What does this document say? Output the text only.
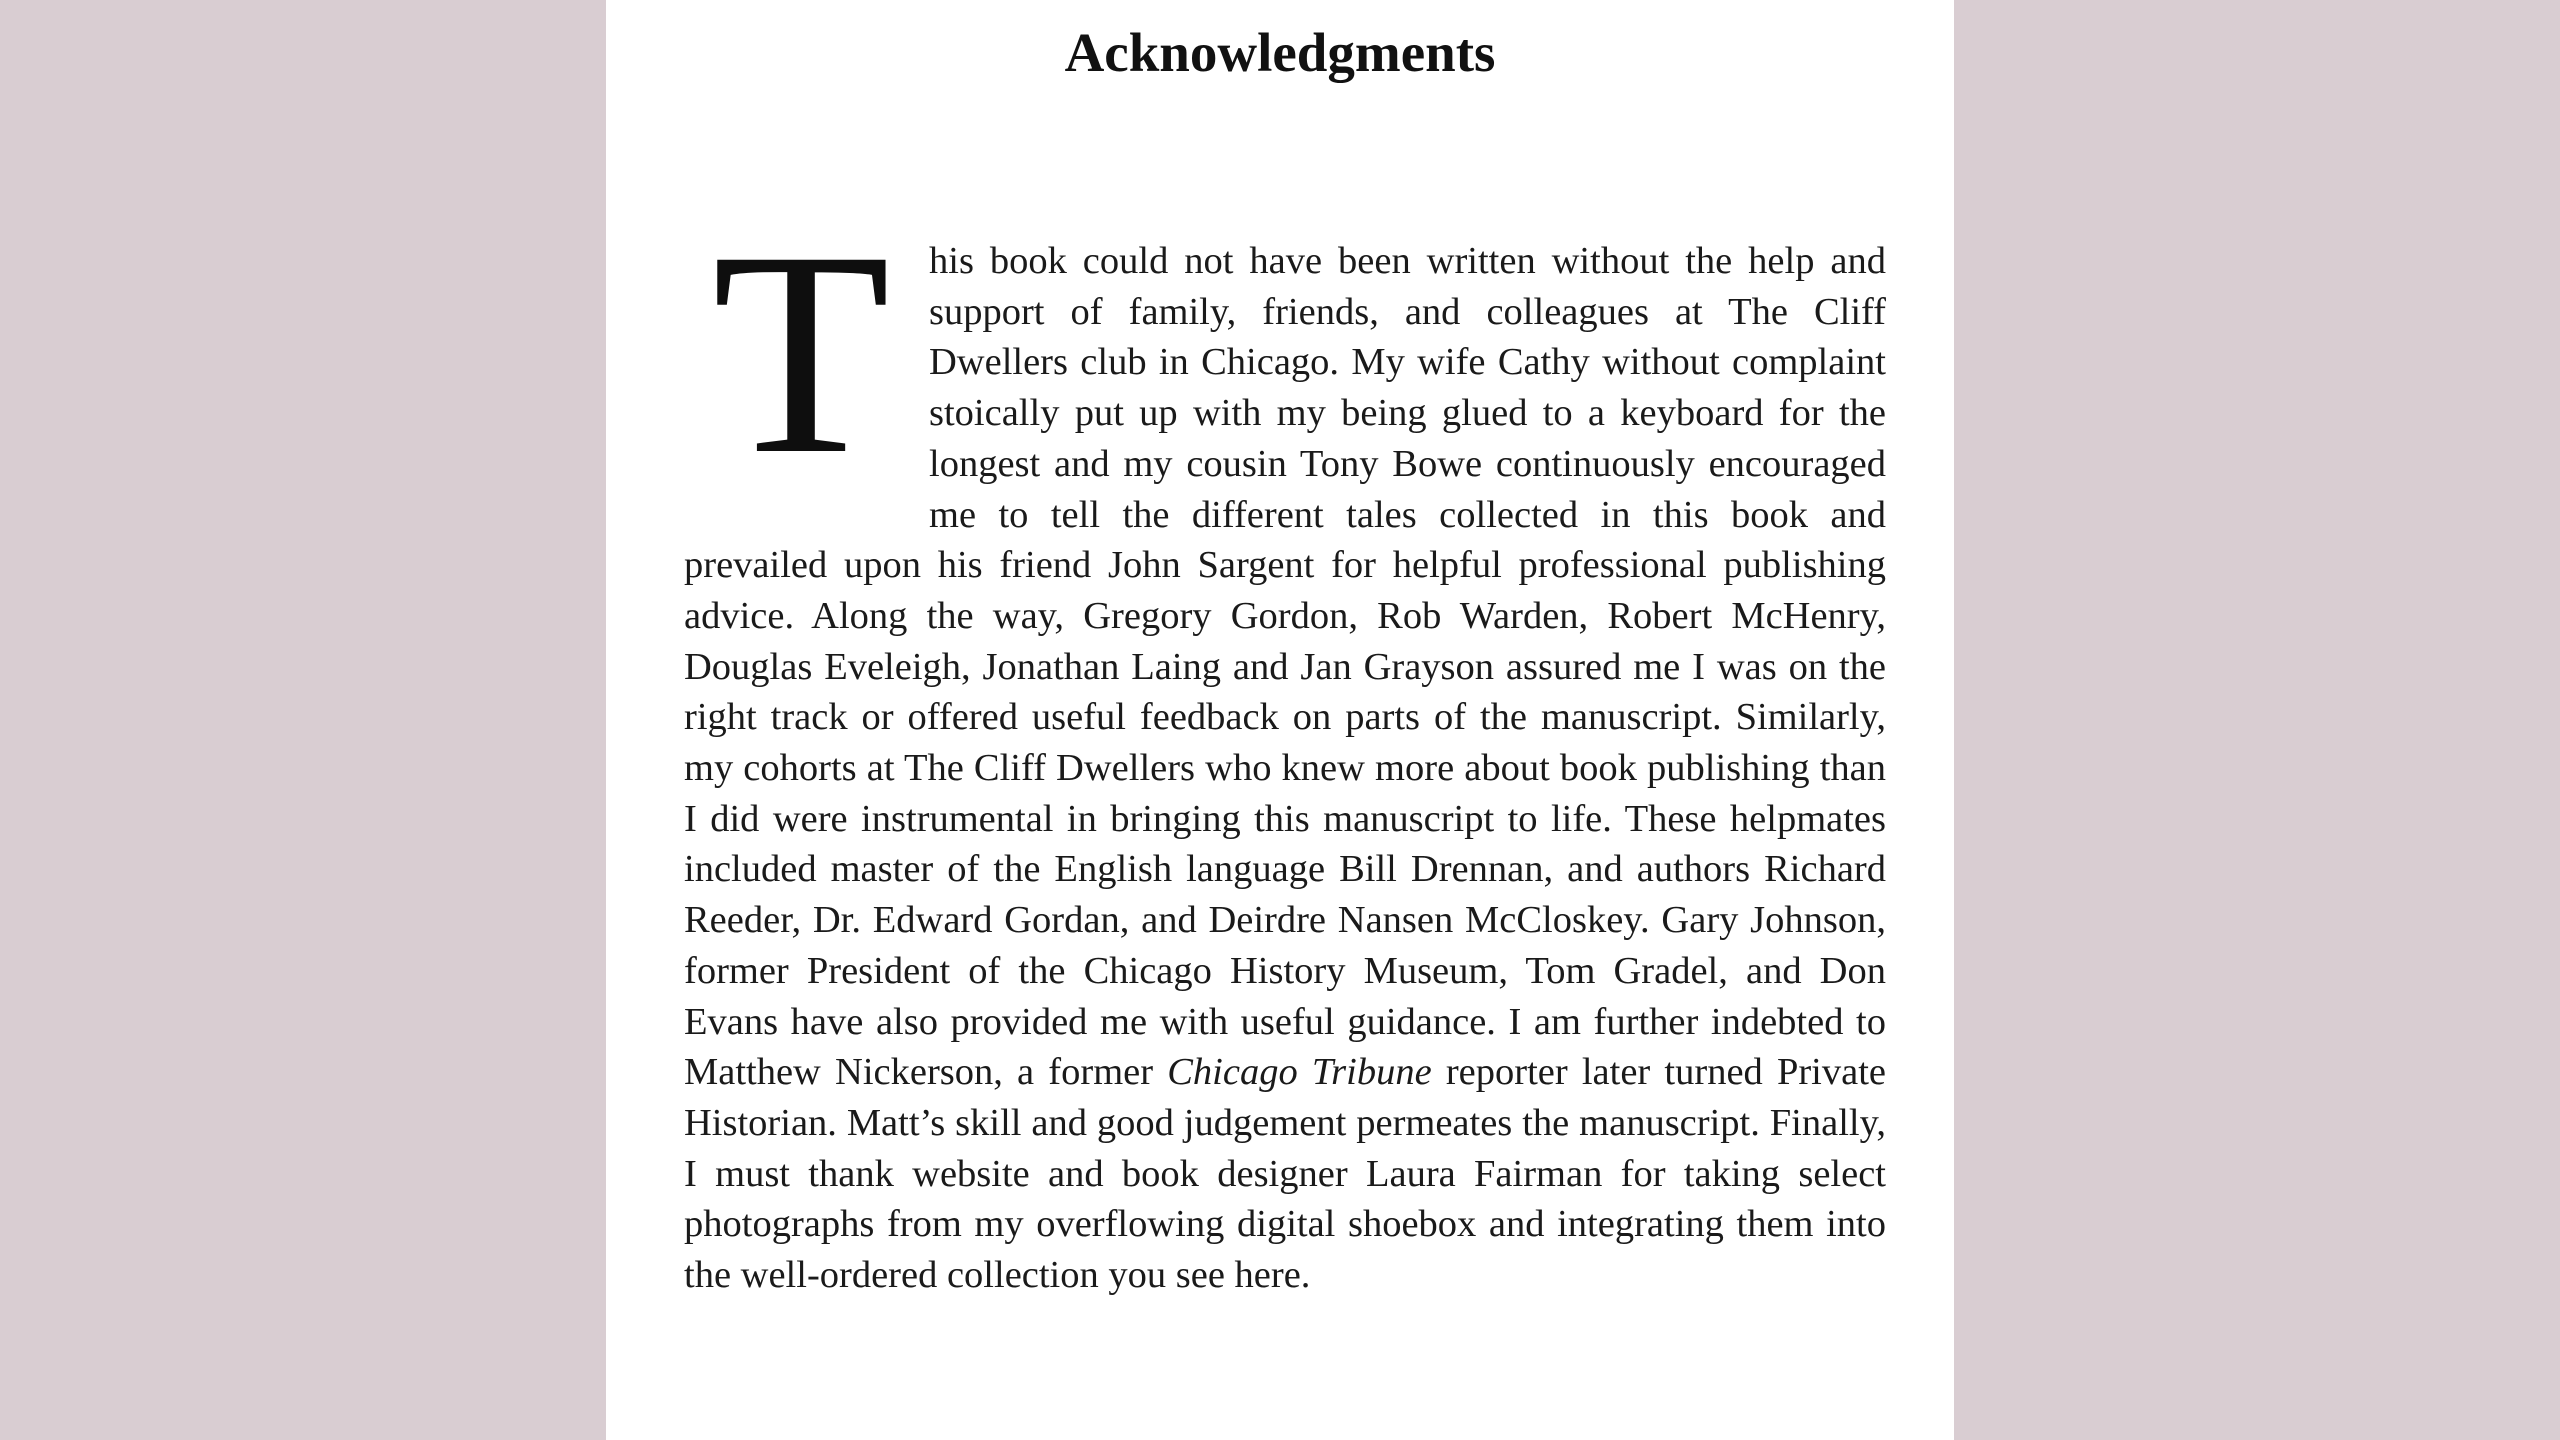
Acknowledgments

T his book could not have been written without the help and support of family, friends, and colleagues at The Cliff Dwellers club in Chicago. My wife Cathy without complaint stoically put up with my being glued to a keyboard for the longest and my cousin Tony Bowe continuously encouraged me to tell the different tales collected in this book and prevailed upon his friend John Sargent for helpful professional publishing advice. Along the way, Gregory Gordon, Rob Warden, Robert McHenry, Douglas Eveleigh, Jonathan Laing and Jan Grayson assured me I was on the right track or offered useful feedback on parts of the manuscript. Similarly, my cohorts at The Cliff Dwellers who knew more about book publishing than I did were instrumental in bringing this manuscript to life. These helpmates included master of the English language Bill Drennan, and authors Richard Reeder, Dr. Edward Gordan, and Deirdre Nansen McCloskey. Gary Johnson, former President of the Chicago History Museum, Tom Gradel, and Don Evans have also provided me with useful guidance. I am further indebted to Matthew Nickerson, a former Chicago Tribune reporter later turned Private Historian. Matt’s skill and good judgement permeates the manuscript. Finally, I must thank website and book designer Laura Fairman for taking select photographs from my overflowing digital shoebox and integrating them into the well-ordered collection you see here.
